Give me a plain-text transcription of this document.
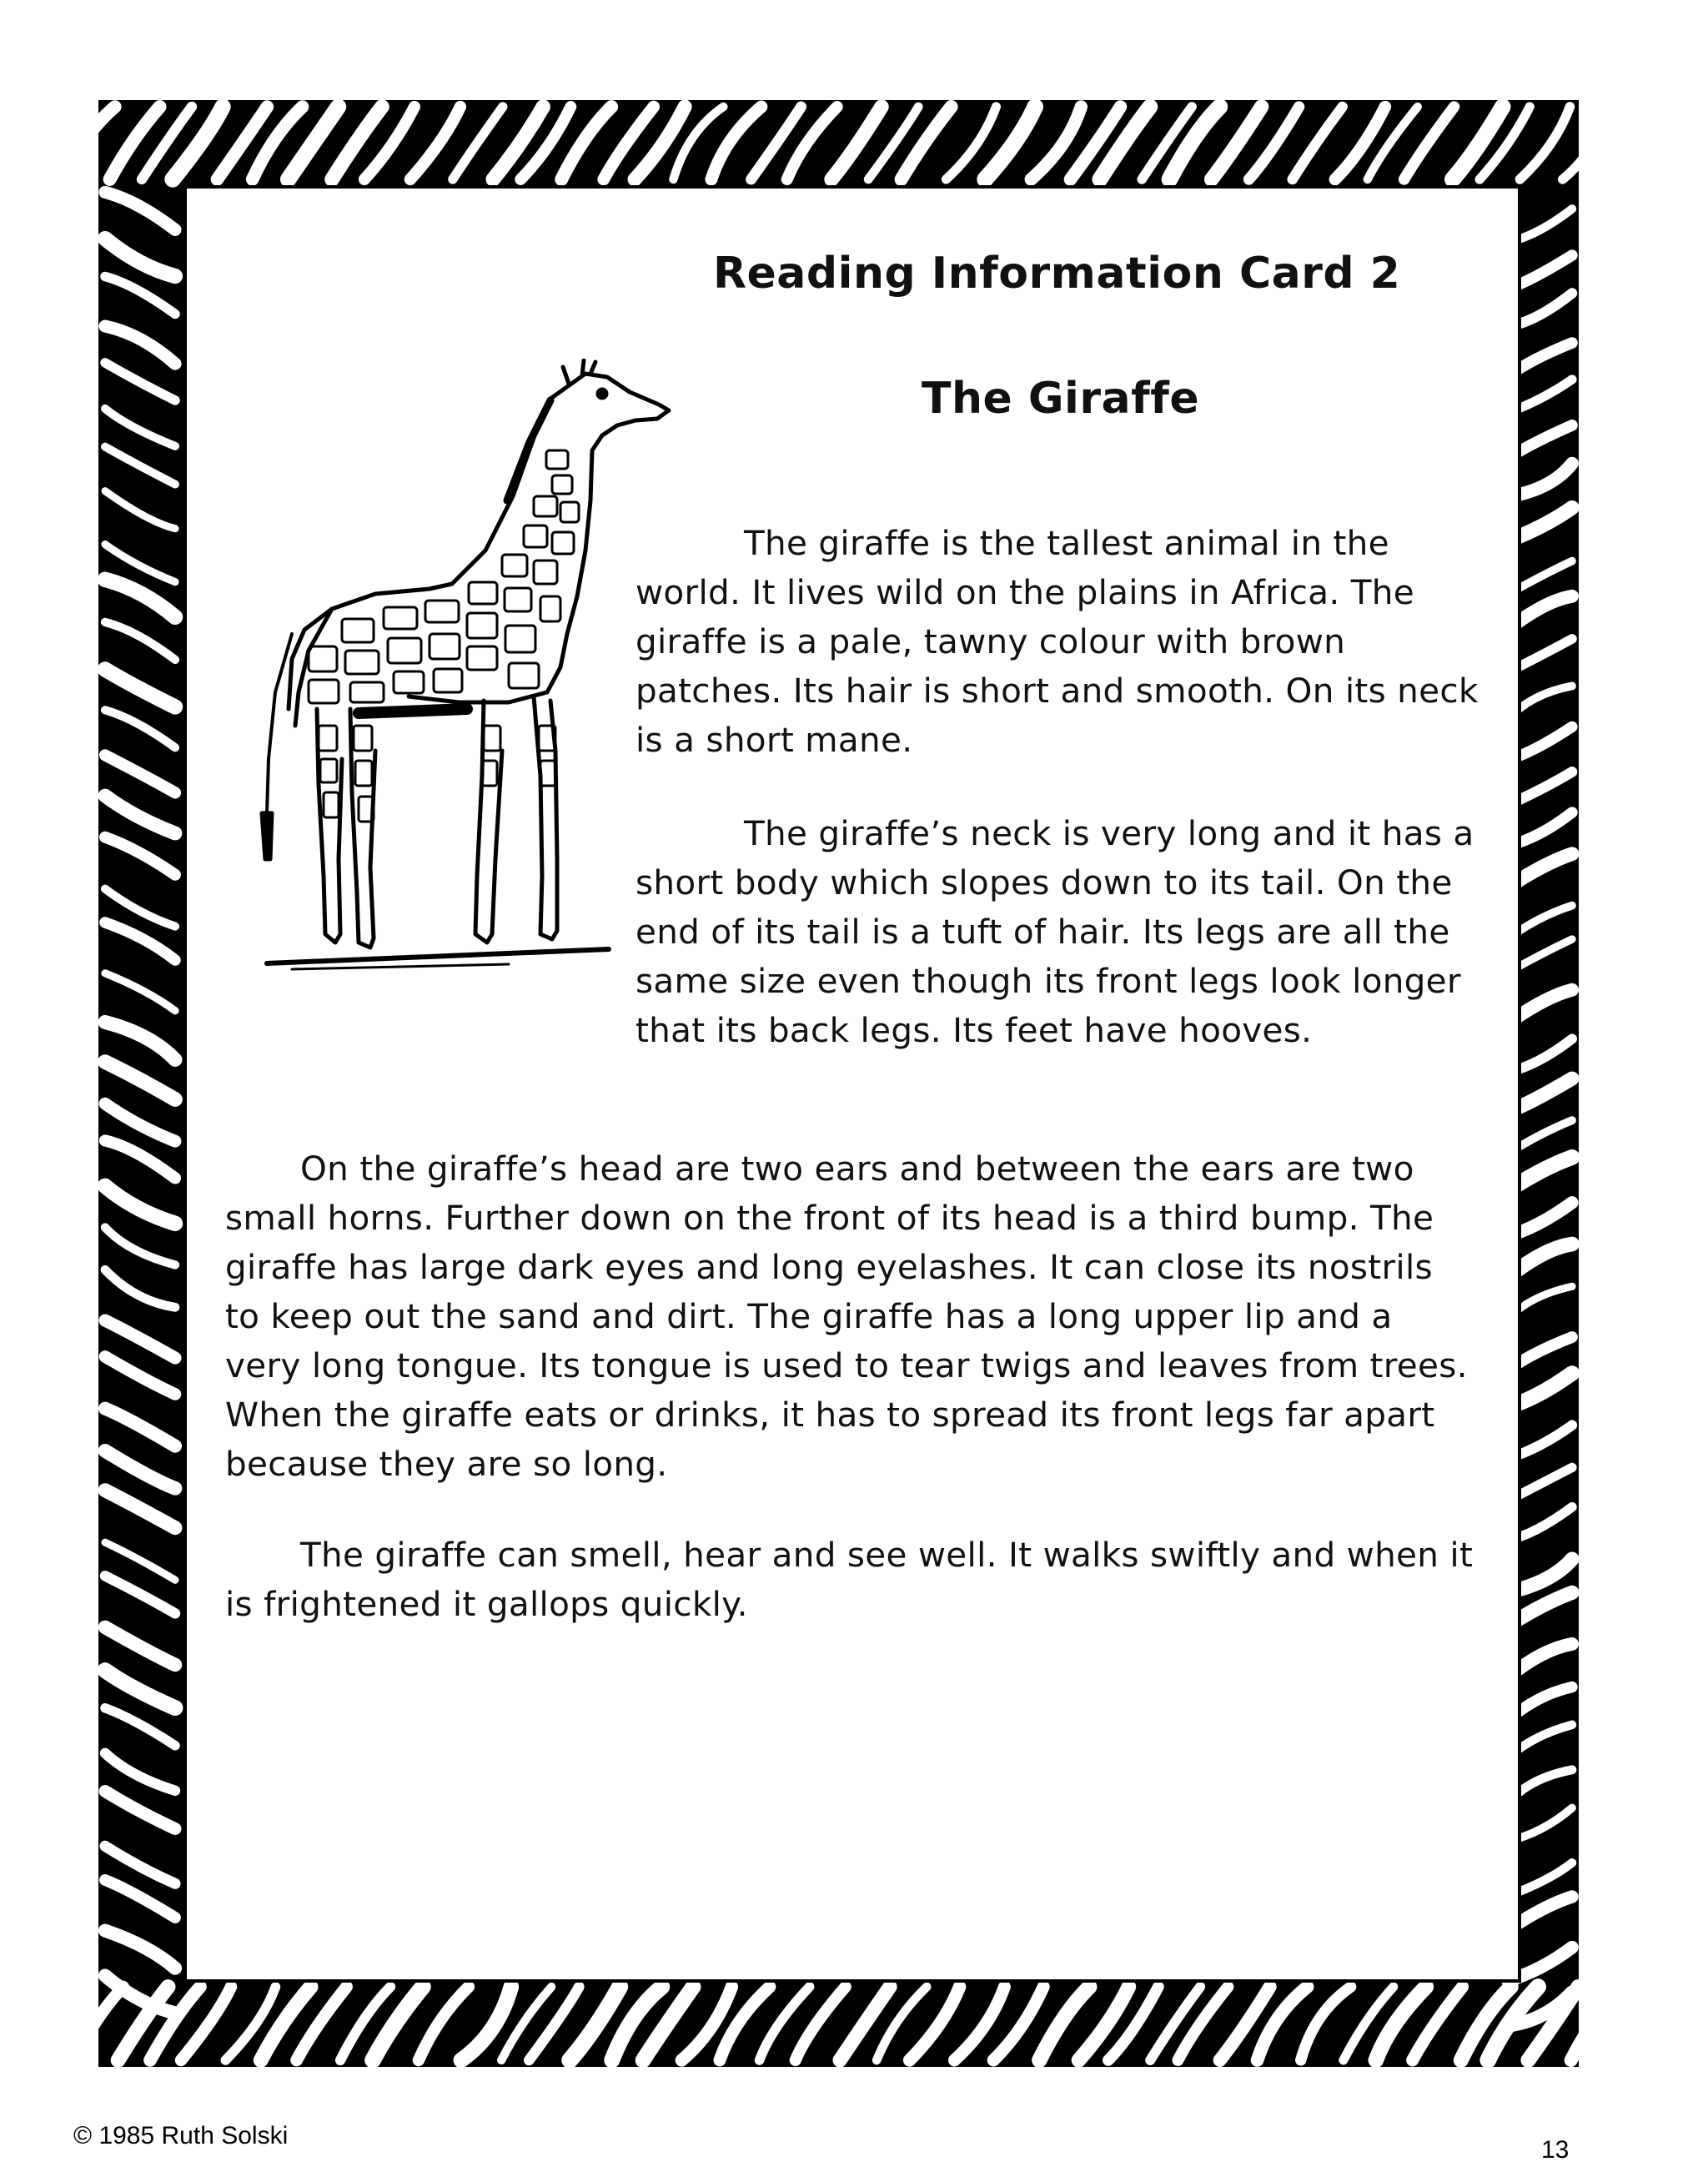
Reading Information Card 2
The Giraffe

The giraffe is the tallest animal in the world. It lives wild on the plains in Africa. The giraffe is a pale, tawny colour with brown patches. Its hair is short and smooth. On its neck is a short mane.

The giraffe’s neck is very long and it has a short body which slopes down to its tail. On the end of its tail is a tuft of hair. Its legs are all the same size even though its front legs look longer that its back legs. Its feet have hooves.

On the giraffe’s head are two ears and between the ears are two small horns. Further down on the front of its head is a third bump. The giraffe has large dark eyes and long eyelashes. It can close its nostrils to keep out the sand and dirt. The giraffe has a long upper lip and a very long tongue. Its tongue is used to tear twigs and leaves from trees. When the giraffe eats or drinks, it has to spread its front legs far apart because they are so long.

The giraffe can smell, hear and see well. It walks swiftly and when it is frightened it gallops quickly.

© 1985 Ruth Solski
13
